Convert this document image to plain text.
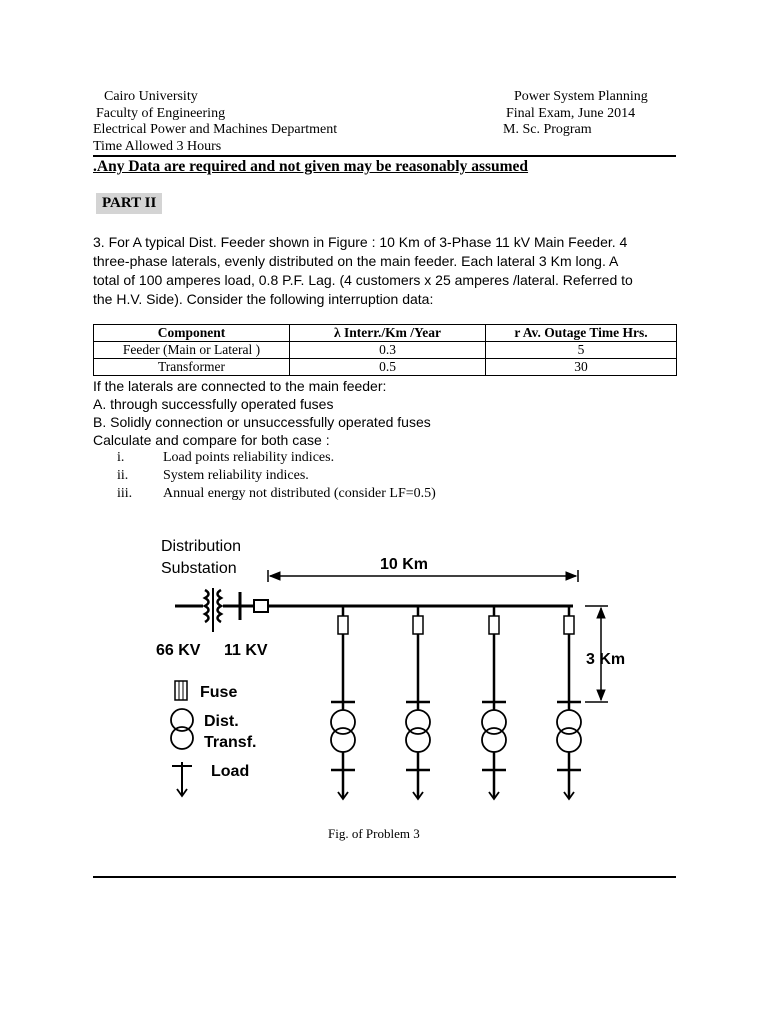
Cairo University
Faculty of Engineering
Electrical Power and Machines Department
Time Allowed 3 Hours
Power System Planning
Final Exam, June 2014
M. Sc. Program
.Any Data are required and not given may be reasonably assumed
PART II
3. For A typical Dist. Feeder shown in Figure : 10 Km of 3-Phase 11 kV Main Feeder. 4 three-phase laterals, evenly distributed on the main feeder. Each lateral 3 Km long. A total of 100 amperes load, 0.8 P.F. Lag. (4 customers x 25 amperes /lateral. Referred to the H.V. Side). Consider the following interruption data:
Component	λ Interr./Km /Year	r Av. Outage Time Hrs.
Feeder (Main or Lateral )	0.3	5
Transformer	0.5	30
If the laterals are connected to the main feeder:
A. through successfully operated fuses
B. Solidly connection or unsuccessfully operated fuses
Calculate and compare for both case :
i.	Load points reliability indices.
ii. System reliability indices.
iii. Annual energy not distributed (consider LF=0.5)
Distribution
Substation
66 KV 11 KV
10 Km
3 Km
Fuse
Dist.
Transf.
Load
Fig. of Problem 3
